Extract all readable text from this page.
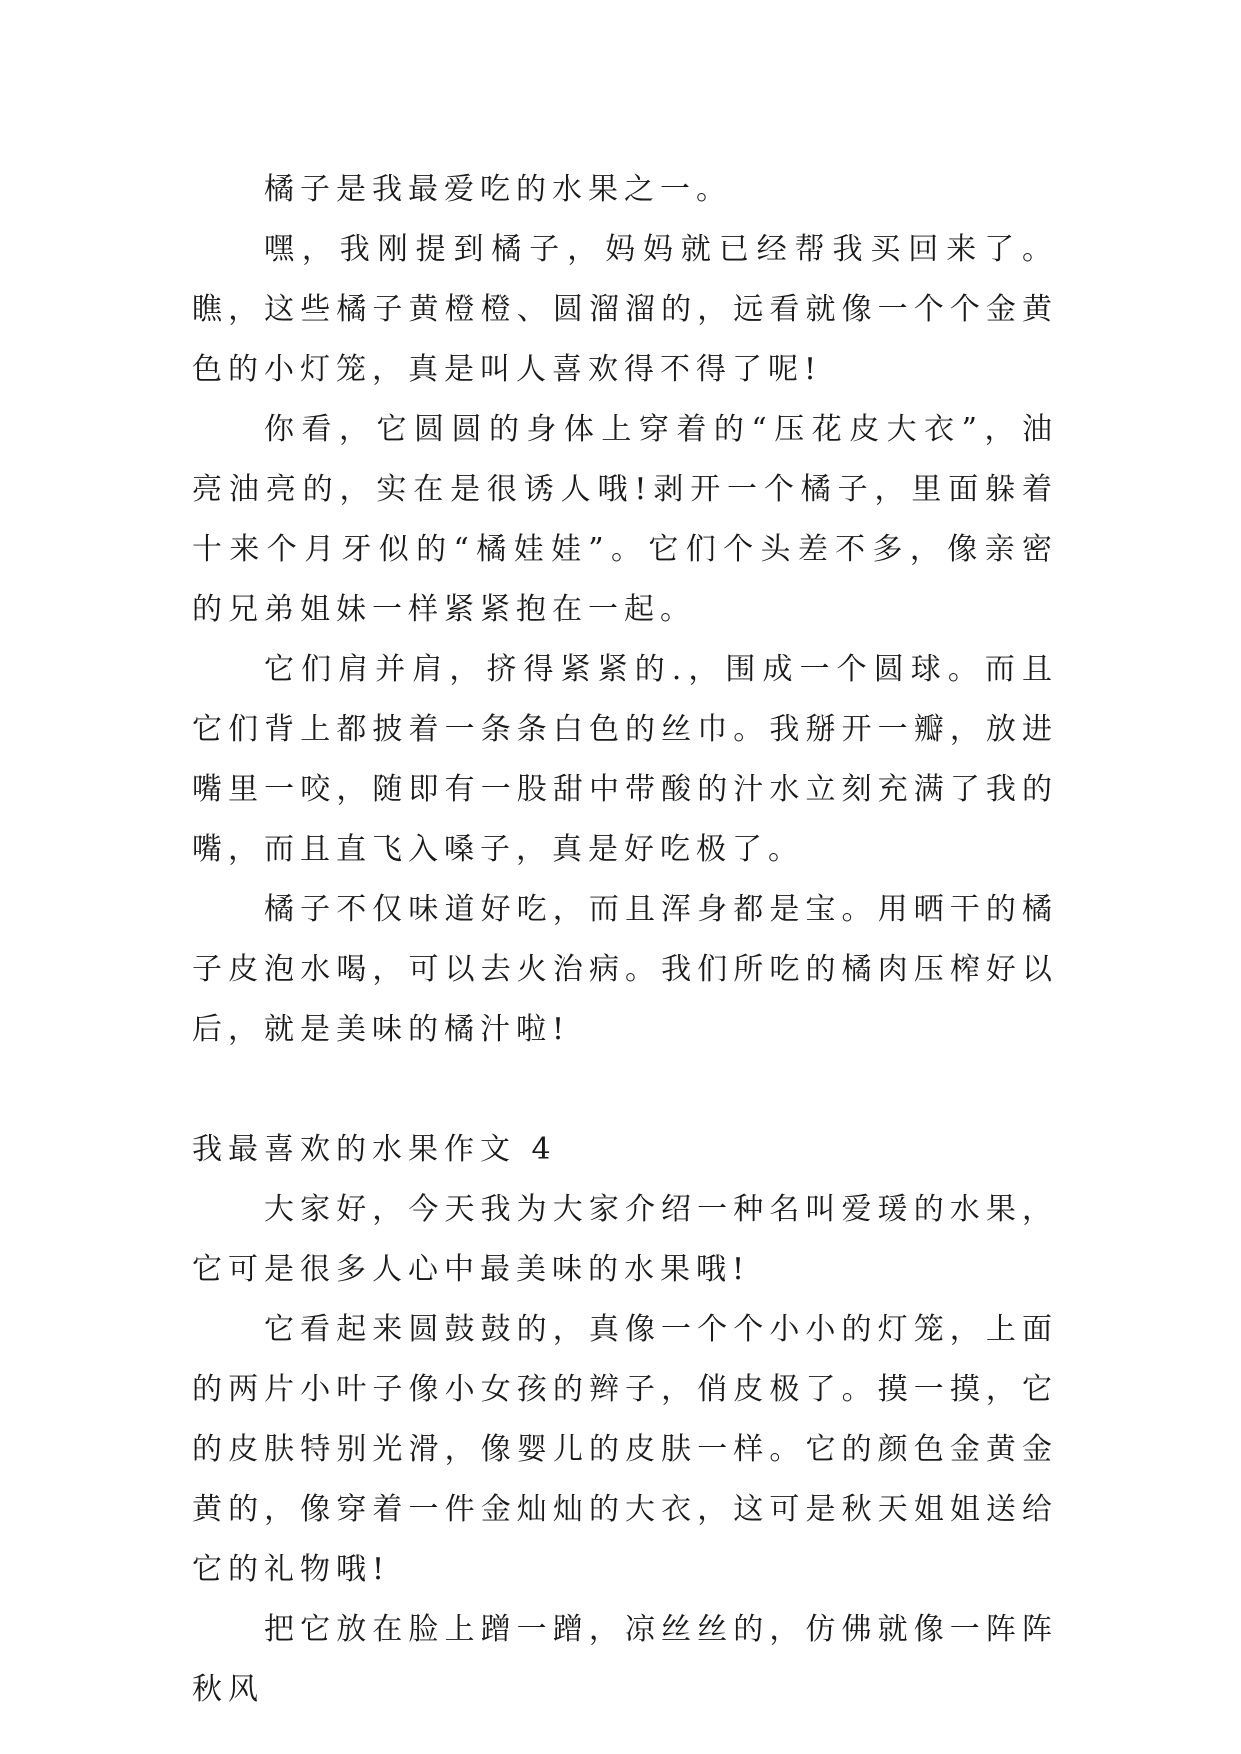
橘子是我最爱吃的水果之一。

嘿，我刚提到橘子，妈妈就已经帮我买回来了。瞧，这些橘子黄橙橙、圆溜溜的，远看就像一个个金黄色的小灯笼，真是叫人喜欢得不得了呢!

你看，它圆圆的身体上穿着的“压花皮大衣”，油亮油亮的，实在是很诱人哦!剥开一个橘子，里面躲着十来个月牙似的“橘娃娃”。它们个头差不多，像亲密的兄弟姐妹一样紧紧抱在一起。

它们肩并肩，挤得紧紧的.，围成一个圆球。而且它们背上都披着一条条白色的丝巾。我掰开一瓣，放进嘴里一咬，随即有一股甜中带酸的汁水立刻充满了我的嘴，而且直飞入嗓子，真是好吃极了。

橘子不仅味道好吃，而且浑身都是宝。用晒干的橘子皮泡水喝，可以去火治病。我们所吃的橘肉压榨好以后，就是美味的橘汁啦!

我最喜欢的水果作文 4

大家好，今天我为大家介绍一种名叫爱瑗的水果，它可是很多人心中最美味的水果哦!

它看起来圆鼓鼓的，真像一个个小小的灯笼，上面的两片小叶子像小女孩的辫子，俏皮极了。摸一摸，它的皮肤特别光滑，像婴儿的皮肤一样。它的颜色金黄金黄的，像穿着一件金灿灿的大衣，这可是秋天姐姐送给它的礼物哦!

把它放在脸上蹭一蹭，凉丝丝的，仿佛就像一阵阵秋风
